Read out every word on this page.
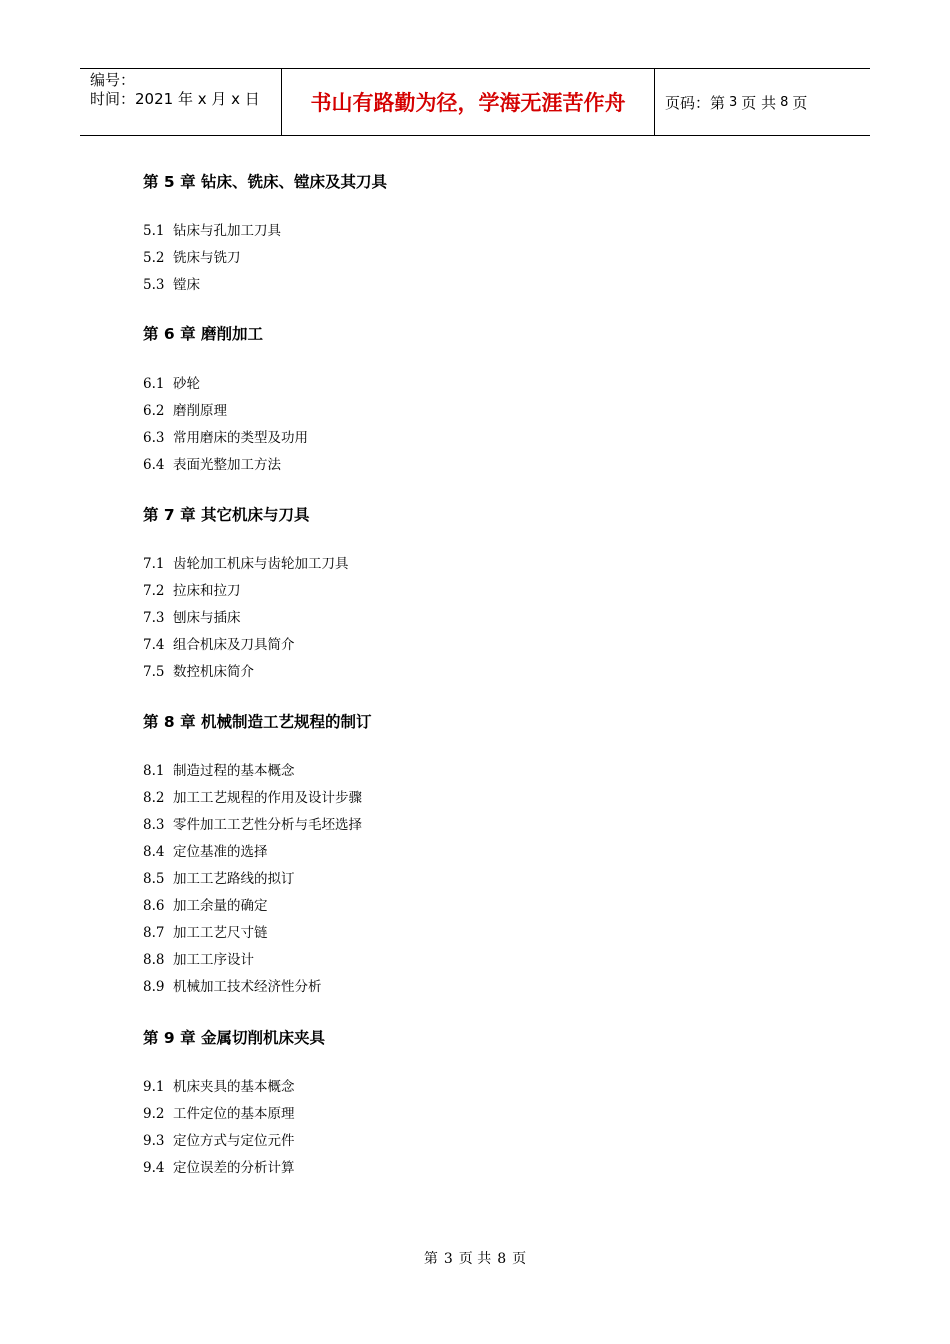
编号：
时间：2021 年 x 月 x 日	书山有路勤为径，学海无涯苦作舟	页码：第 3 页 共 8 页
第 5 章 钻床、铣床、镗床及其刀具
5.1 钻床与孔加工刀具
5.2 铣床与铣刀
5.3 镗床
第 6 章 磨削加工
6.1 砂轮
6.2 磨削原理
6.3 常用磨床的类型及功用
6.4 表面光整加工方法
第 7 章 其它机床与刀具
7.1 齿轮加工机床与齿轮加工刀具
7.2 拉床和拉刀
7.3 刨床与插床
7.4 组合机床及刀具简介
7.5 数控机床简介
第 8 章 机械制造工艺规程的制订
8.1 制造过程的基本概念
8.2 加工工艺规程的作用及设计步骤
8.3 零件加工工艺性分析与毛坯选择
8.4 定位基准的选择
8.5 加工工艺路线的拟订
8.6 加工余量的确定
8.7 加工工艺尺寸链
8.8 加工工序设计
8.9 机械加工技术经济性分析
第 9 章 金属切削机床夹具
9.1 机床夹具的基本概念
9.2 工件定位的基本原理
9.3 定位方式与定位元件
9.4 定位误差的分析计算
第 3 页 共 8 页
